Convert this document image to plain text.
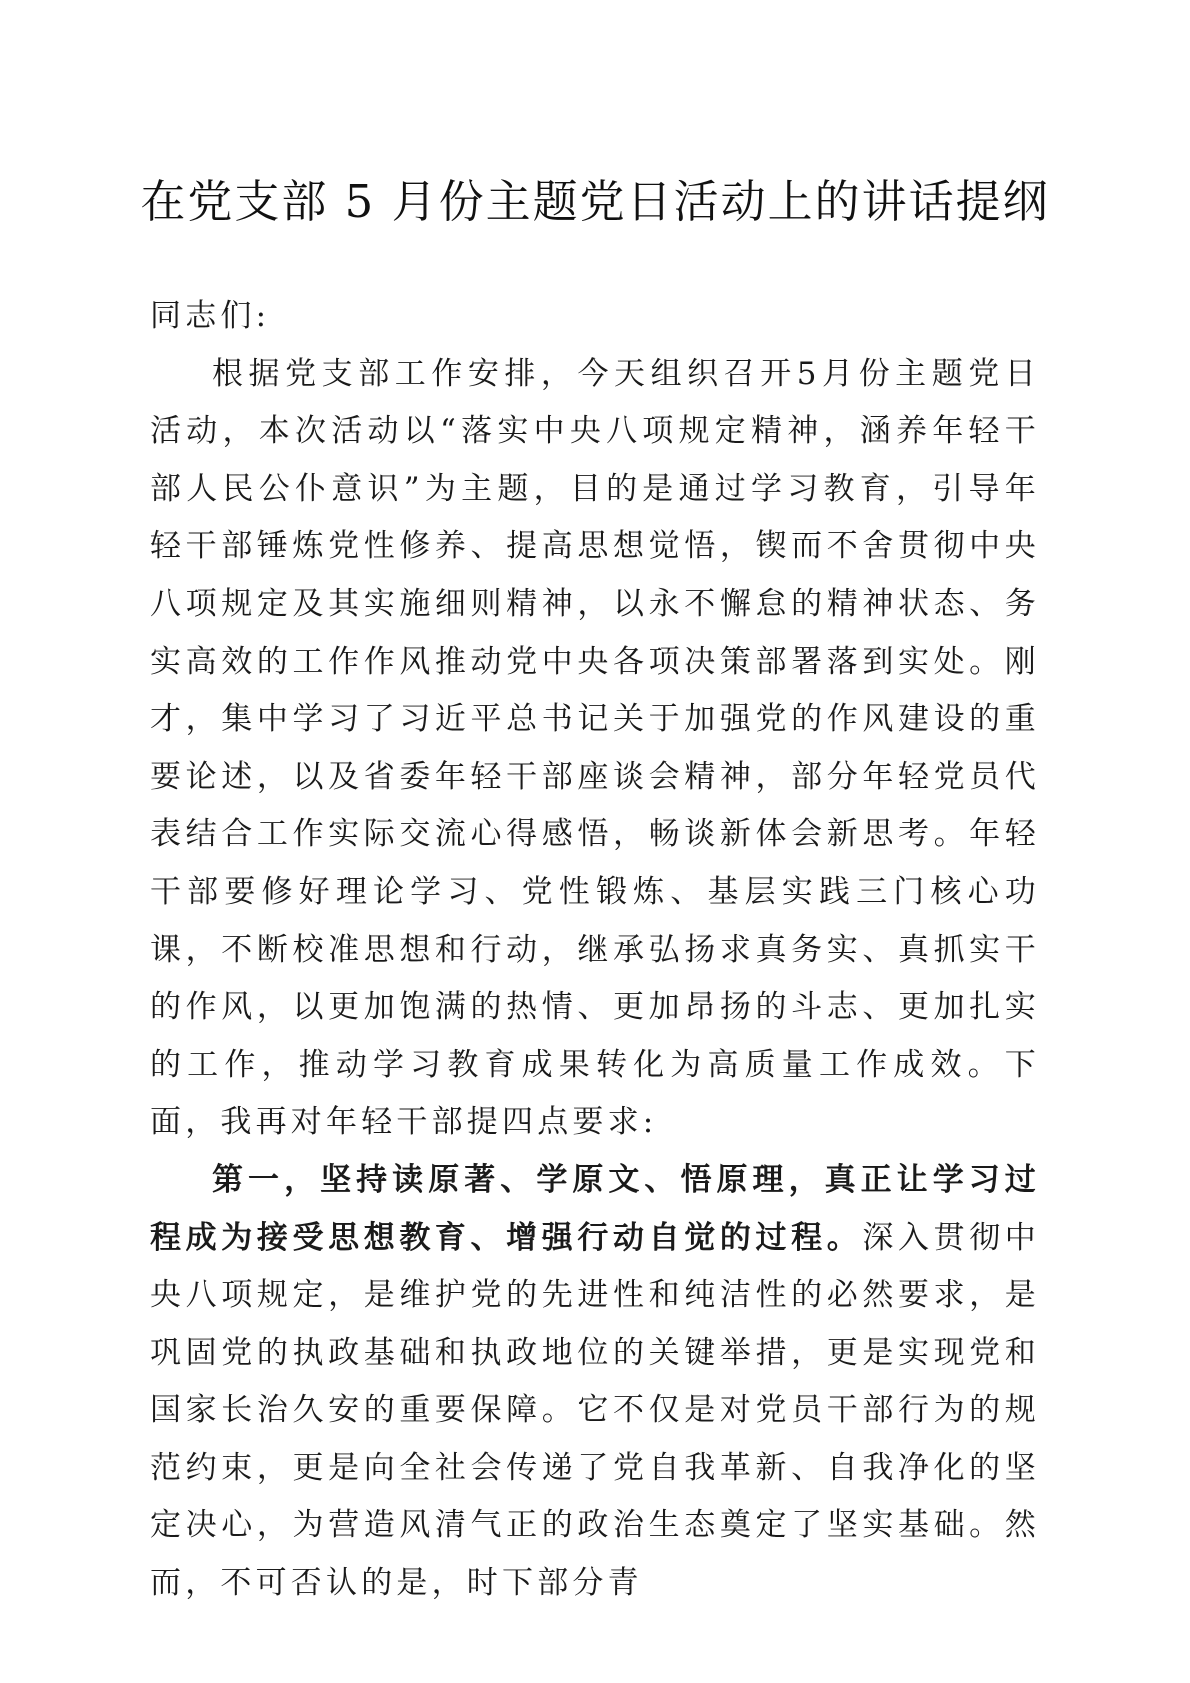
在党支部 5 月份主题党日活动上的讲话提纲

同志们:

根据党支部工作安排，今天组织召开5月份主题党日活动，本次活动以“落实中央八项规定精神，涵养年轻干部人民公仆意识”为主题，目的是通过学习教育，引导年轻干部锤炼党性修养、提高思想觉悟，锲而不舍贯彻中央八项规定及其实施细则精神，以永不懈怠的精神状态、务实高效的工作作风推动党中央各项决策部署落到实处。刚才，集中学习了习近平总书记关于加强党的作风建设的重要论述，以及省委年轻干部座谈会精神，部分年轻党员代表结合工作实际交流心得感悟，畅谈新体会新思考。年轻干部要修好理论学习、党性锻炼、基层实践三门核心功课，不断校准思想和行动，继承弘扬求真务实、真抓实干的作风，以更加饱满的热情、更加昂扬的斗志、更加扎实的工作，推动学习教育成果转化为高质量工作成效。下面，我再对年轻干部提四点要求:

第一，坚持读原著、学原文、悟原理，真正让学习过程成为接受思想教育、增强行动自觉的过程。深入贯彻中央八项规定，是维护党的先进性和纯洁性的必然要求，是巩固党的执政基础和执政地位的关键举措，更是实现党和国家长治久安的重要保障。它不仅是对党员干部行为的规范约束，更是向全社会传递了党自我革新、自我净化的坚定决心，为营造风清气正的政治生态奠定了坚实基础。然而，不可否认的是，时下部分青
